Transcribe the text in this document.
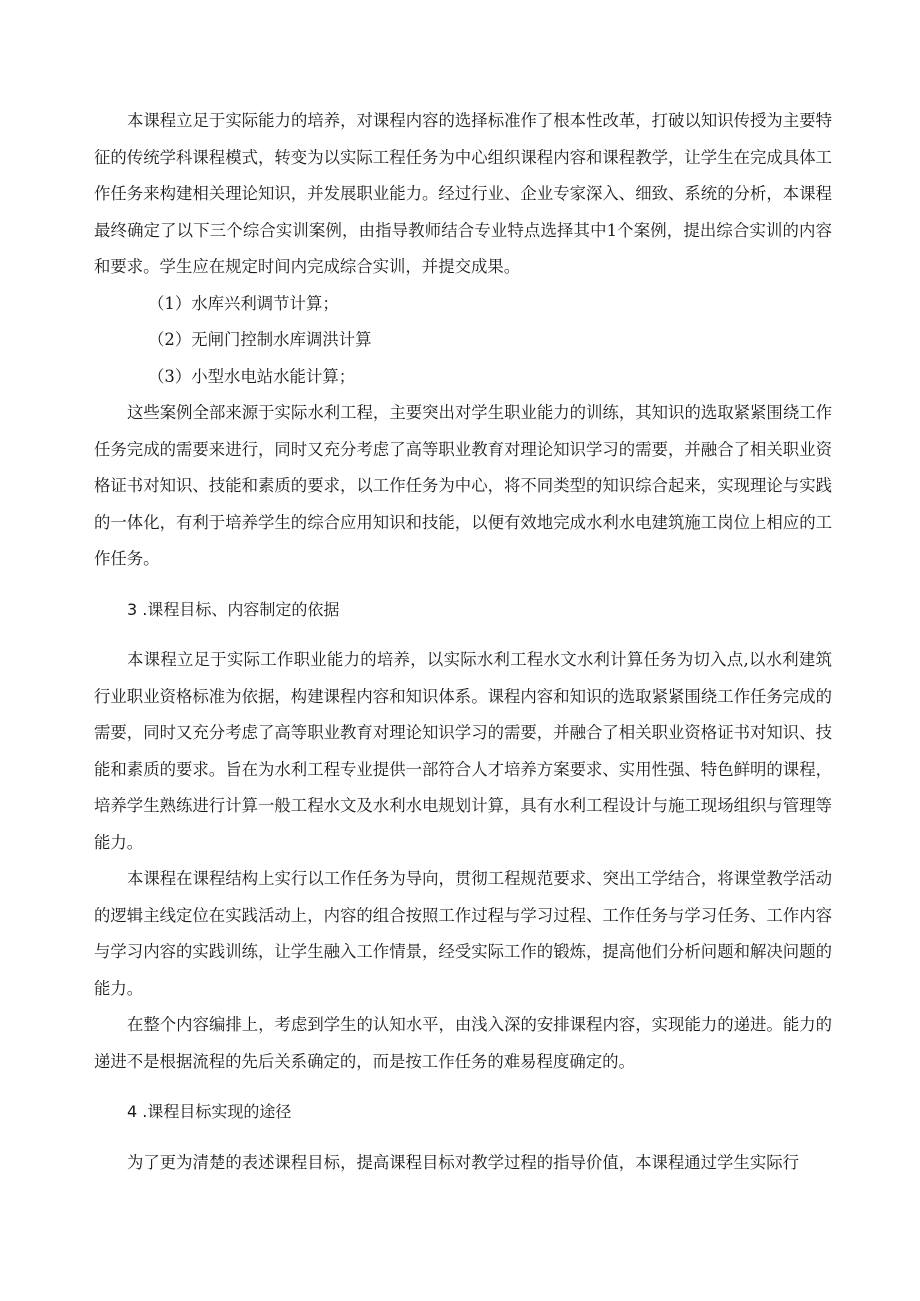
本课程立足于实际能力的培养，对课程内容的选择标准作了根本性改革，打破以知识传授为主要特征的传统学科课程模式，转变为以实际工程任务为中心组织课程内容和课程教学，让学生在完成具体工作任务来构建相关理论知识，并发展职业能力。经过行业、企业专家深入、细致、系统的分析，本课程最终确定了以下三个综合实训案例，由指导教师结合专业特点选择其中1个案例，提出综合实训的内容和要求。学生应在规定时间内完成综合实训，并提交成果。

（1）水库兴利调节计算；

（2）无闸门控制水库调洪计算

（3）小型水电站水能计算；

这些案例全部来源于实际水利工程，主要突出对学生职业能力的训练，其知识的选取紧紧围绕工作任务完成的需要来进行，同时又充分考虑了高等职业教育对理论知识学习的需要，并融合了相关职业资格证书对知识、技能和素质的要求，以工作任务为中心，将不同类型的知识综合起来，实现理论与实践的一体化，有利于培养学生的综合应用知识和技能，以便有效地完成水利水电建筑施工岗位上相应的工作任务。

3 .课程目标、内容制定的依据

本课程立足于实际工作职业能力的培养，以实际水利工程水文水利计算任务为切入点,以水利建筑行业职业资格标准为依据，构建课程内容和知识体系。课程内容和知识的选取紧紧围绕工作任务完成的需要，同时又充分考虑了高等职业教育对理论知识学习的需要，并融合了相关职业资格证书对知识、技能和素质的要求。旨在为水利工程专业提供一部符合人才培养方案要求、实用性强、特色鲜明的课程，培养学生熟练进行计算一般工程水文及水利水电规划计算，具有水利工程设计与施工现场组织与管理等能力。

本课程在课程结构上实行以工作任务为导向，贯彻工程规范要求、突出工学结合，将课堂教学活动的逻辑主线定位在实践活动上，内容的组合按照工作过程与学习过程、工作任务与学习任务、工作内容与学习内容的实践训练，让学生融入工作情景，经受实际工作的锻炼，提高他们分析问题和解决问题的能力。

在整个内容编排上，考虑到学生的认知水平，由浅入深的安排课程内容，实现能力的递进。能力的递进不是根据流程的先后关系确定的，而是按工作任务的难易程度确定的。

4 .课程目标实现的途径

为了更为清楚的表述课程目标，提高课程目标对教学过程的指导价值，本课程通过学生实际行
